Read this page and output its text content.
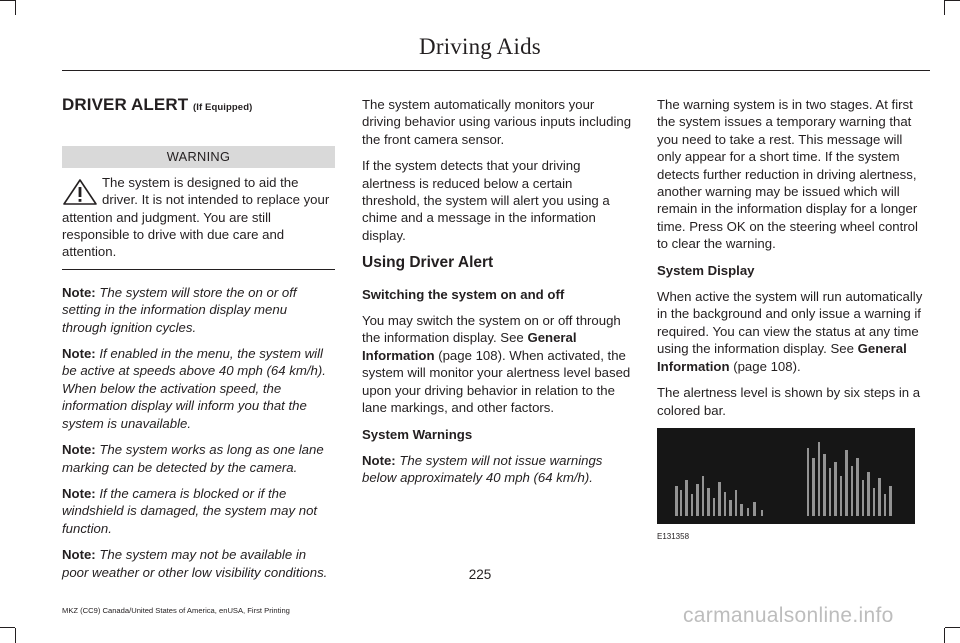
Driving Aids
DRIVER ALERT (If Equipped)
WARNING
The system is designed to aid the driver. It is not intended to replace your attention and judgment. You are still responsible to drive with due care and attention.

Note: The system will store the on or off setting in the information display menu through ignition cycles.

Note: If enabled in the menu, the system will be active at speeds above 40 mph (64 km/h). When below the activation speed, the information display will inform you that the system is unavailable.

Note: The system works as long as one lane marking can be detected by the camera.

Note: If the camera is blocked or if the windshield is damaged, the system may not function.

Note: The system may not be available in poor weather or other low visibility conditions.

The system automatically monitors your driving behavior using various inputs including the front camera sensor.

If the system detects that your driving alertness is reduced below a certain threshold, the system will alert you using a chime and a message in the information display.

Using Driver Alert

Switching the system on and off

You may switch the system on or off through the information display. See General Information (page 108). When activated, the system will monitor your alertness level based upon your driving behavior in relation to the lane markings, and other factors.

System Warnings

Note: The system will not issue warnings below approximately 40 mph (64 km/h).

The warning system is in two stages. At first the system issues a temporary warning that you need to take a rest. This message will only appear for a short time. If the system detects further reduction in driving alertness, another warning may be issued which will remain in the information display for a longer time. Press OK on the steering wheel control to clear the warning.

System Display

When active the system will run automatically in the background and only issue a warning if required. You can view the status at any time using the information display. See General Information (page 108).

The alertness level is shown by six steps in a colored bar.

E131358
225
MKZ (CC9) Canada/United States of America, enUSA, First Printing	carmanualsonline.info
